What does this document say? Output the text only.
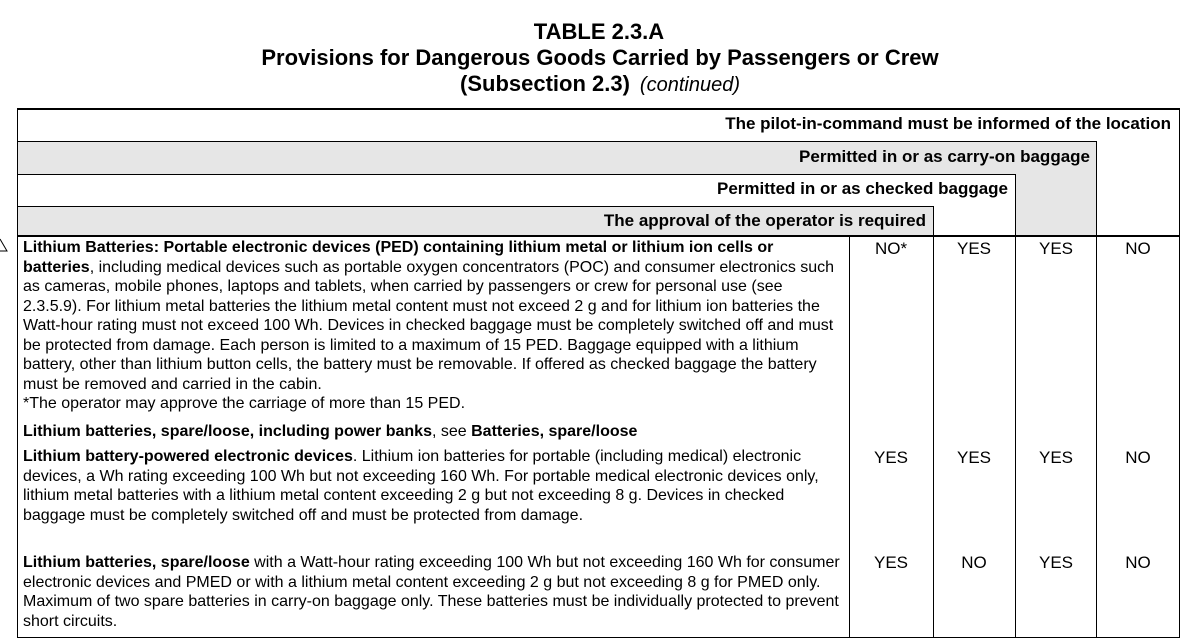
TABLE 2.3.A
Provisions for Dangerous Goods Carried by Passengers or Crew
(Subsection 2.3) (continued)
The pilot-in-command must be informed of the location
Permitted in or as carry-on baggage
Permitted in or as checked baggage
The approval of the operator is required
Lithium Batteries: Portable electronic devices (PED) containing lithium metal or lithium ion cells or batteries, including medical devices such as portable oxygen concentrators (POC) and consumer electronics such as cameras, mobile phones, laptops and tablets, when carried by passengers or crew for personal use (see 2.3.5.9). For lithium metal batteries the lithium metal content must not exceed 2 g and for lithium ion batteries the Watt-hour rating must not exceed 100 Wh. Devices in checked baggage must be completely switched off and must be protected from damage. Each person is limited to a maximum of 15 PED. Baggage equipped with a lithium battery, other than lithium button cells, the battery must be removable. If offered as checked baggage the battery must be removed and carried in the cabin.
*The operator may approve the carriage of more than 15 PED.
NO*	YES	YES	NO
Lithium batteries, spare/loose, including power banks, see Batteries, spare/loose
Lithium battery-powered electronic devices. Lithium ion batteries for portable (including medical) electronic devices, a Wh rating exceeding 100 Wh but not exceeding 160 Wh. For portable medical electronic devices only, lithium metal batteries with a lithium metal content exceeding 2 g but not exceeding 8 g. Devices in checked baggage must be completely switched off and must be protected from damage.
YES	YES	YES	NO
Lithium batteries, spare/loose with a Watt-hour rating exceeding 100 Wh but not exceeding 160 Wh for consumer electronic devices and PMED or with a lithium metal content exceeding 2 g but not exceeding 8 g for PMED only. Maximum of two spare batteries in carry-on baggage only. These batteries must be individually protected to prevent short circuits.
YES	NO	YES	NO
